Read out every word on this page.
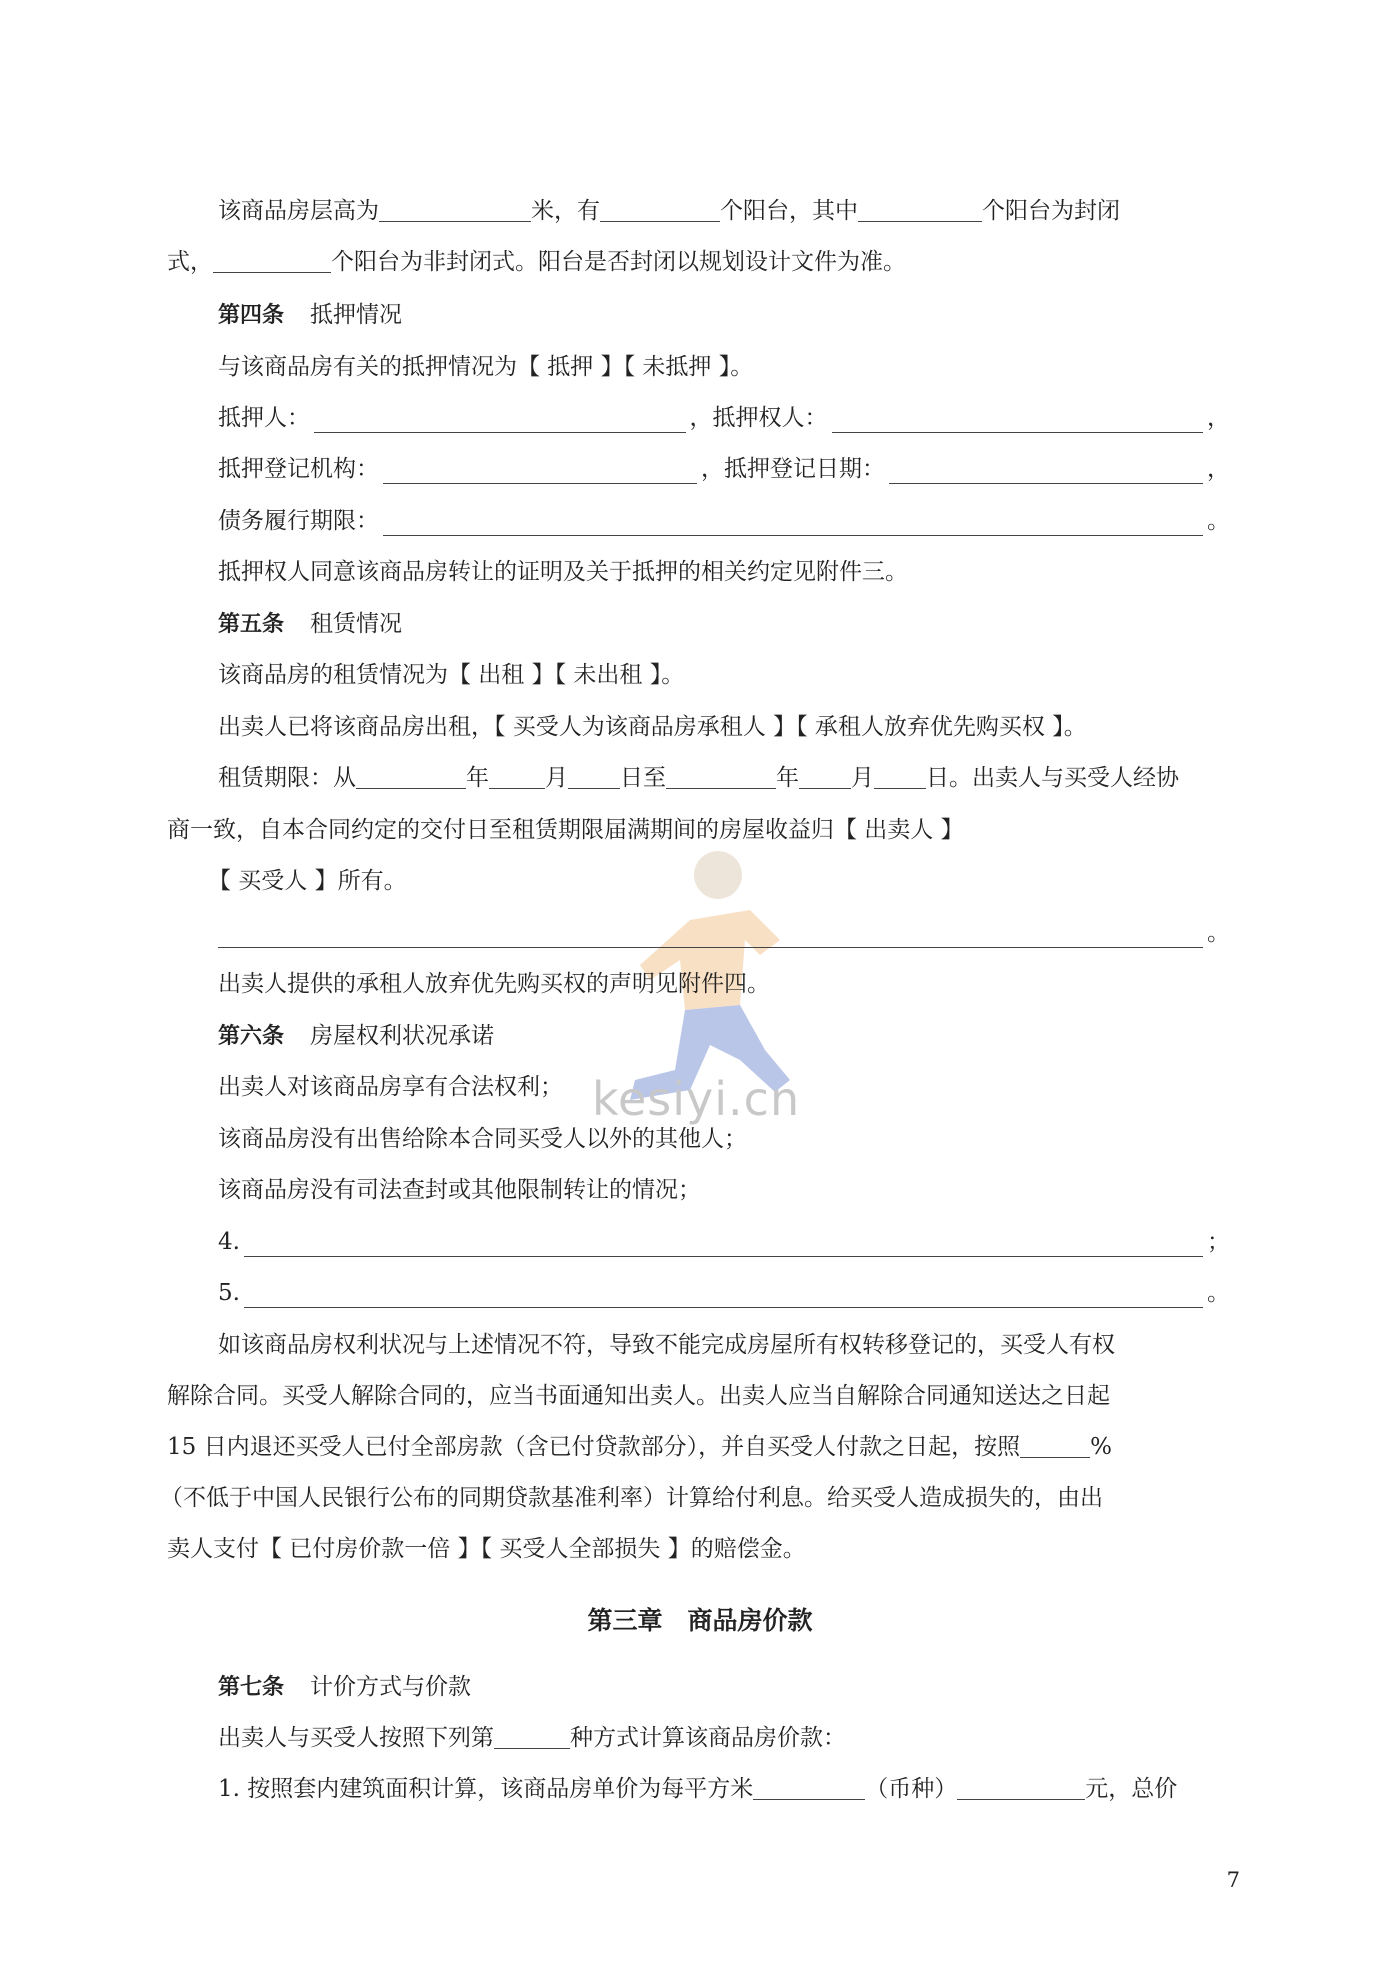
kesiyi.cn
该商品房层高为	米，有	个阳台，其中	个阳台为封闭
式，	个阳台为非封闭式。阳台是否封闭以规划设计文件为准。
第四条 抵押情况
与该商品房有关的抵押情况为【 抵押 】【 未抵押 】。
抵押人：	，抵押权人：	，
抵押登记机构：	，抵押登记日期：	，
债务履行期限：	。
抵押权人同意该商品房转让的证明及关于抵押的相关约定见附件三。
第五条 租赁情况
该商品房的租赁情况为【 出租 】【 未出租 】。
出卖人已将该商品房出租，【 买受人为该商品房承租人 】【 承租人放弃优先购买权 】。
租赁期限：从	年 月 日至	年 月 日。出卖人与买受人经协
商一致，自本合同约定的交付日至租赁期限届满期间的房屋收益归【 出卖人 】
【 买受人 】所有。
。
出卖人提供的承租人放弃优先购买权的声明见附件四。
第六条 房屋权利状况承诺
出卖人对该商品房享有合法权利；
该商品房没有出售给除本合同买受人以外的其他人；
该商品房没有司法查封或其他限制转让的情况；
4.	；
5.	。
如该商品房权利状况与上述情况不符，导致不能完成房屋所有权转移登记的，买受人有权
解除合同。买受人解除合同的，应当书面通知出卖人。出卖人应当自解除合同通知送达之日起
15 日内退还买受人已付全部房款（含已付贷款部分），并自买受人付款之日起，按照	%
（不低于中国人民银行公布的同期贷款基准利率）计算给付利息。给买受人造成损失的，由出
卖人支付【 已付房价款一倍 】【 买受人全部损失 】的赔偿金。
第三章　商品房价款
第七条 计价方式与价款
出卖人与买受人按照下列第	种方式计算该商品房价款：
1. 按照套内建筑面积计算，该商品房单价为每平方米	（币种）	元，总价
7
